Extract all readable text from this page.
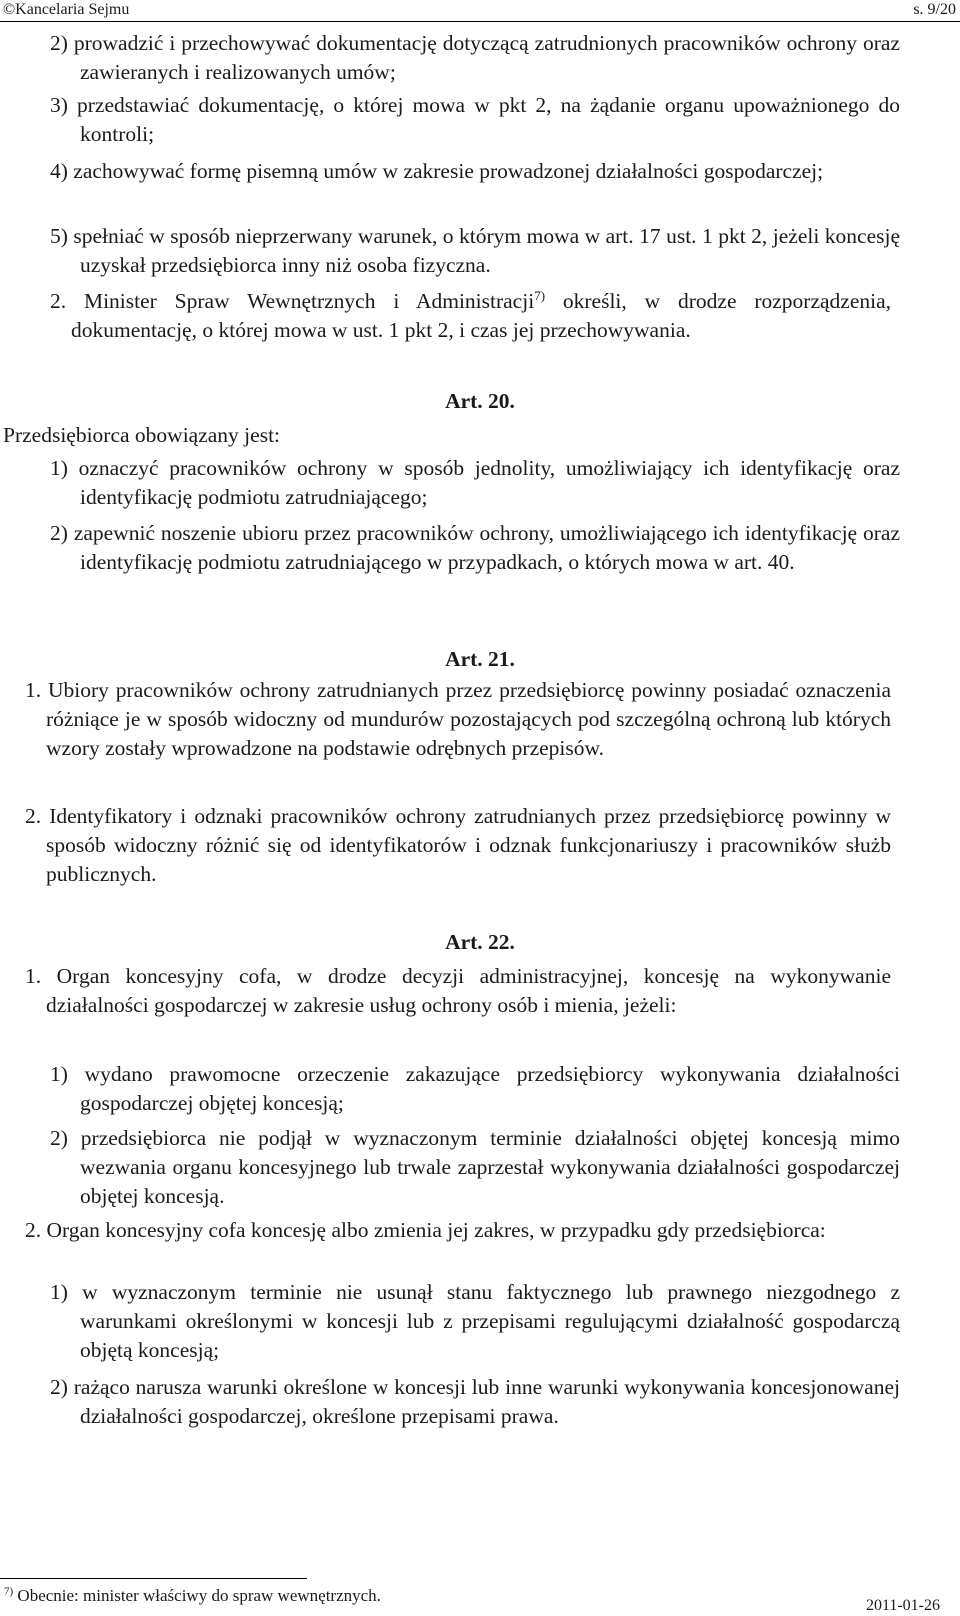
©Kancelaria Sejmu	s. 9/20
2) prowadzić i przechowywać dokumentację dotyczącą zatrudnionych pracowników ochrony oraz zawieranych i realizowanych umów;
3) przedstawiać dokumentację, o której mowa w pkt 2, na żądanie organu upoważnionego do kontroli;
4) zachowywać formę pisemną umów w zakresie prowadzonej działalności gospodarczej;
5) spełniać w sposób nieprzerwany warunek, o którym mowa w art. 17 ust. 1 pkt 2, jeżeli koncesję uzyskał przedsiębiorca inny niż osoba fizyczna.
2. Minister Spraw Wewnętrznych i Administracji$^{7)}$ określi, w drodze rozporządzenia, dokumentację, o której mowa w ust. 1 pkt 2, i czas jej przechowywania.
Art. 20.
Przedsiębiorca obowiązany jest:
1) oznaczyć pracowników ochrony w sposób jednolity, umożliwiający ich identyfikację oraz identyfikację podmiotu zatrudniającego;
2) zapewnić noszenie ubioru przez pracowników ochrony, umożliwiającego ich identyfikację oraz identyfikację podmiotu zatrudniającego w przypadkach, o których mowa w art. 40.
Art. 21.
1. Ubiory pracowników ochrony zatrudnianych przez przedsiębiorcę powinny posiadać oznaczenia różniące je w sposób widoczny od mundurów pozostających pod szczególną ochroną lub których wzory zostały wprowadzone na podstawie odrębnych przepisów.
2. Identyfikatory i odznaki pracowników ochrony zatrudnianych przez przedsiębiorcę powinny w sposób widoczny różnić się od identyfikatorów i odznak funkcjonariuszy i pracowników służb publicznych.
Art. 22.
1. Organ koncesyjny cofa, w drodze decyzji administracyjnej, koncesję na wykonywanie działalności gospodarczej w zakresie usług ochrony osób i mienia, jeżeli:
1) wydano prawomocne orzeczenie zakazujące przedsiębiorcy wykonywania działalności gospodarczej objętej koncesją;
2) przedsiębiorca nie podjął w wyznaczonym terminie działalności objętej koncesją mimo wezwania organu koncesyjnego lub trwale zaprzestał wykonywania działalności gospodarczej objętej koncesją.
2. Organ koncesyjny cofa koncesję albo zmienia jej zakres, w przypadku gdy przedsiębiorca:
1) w wyznaczonym terminie nie usunął stanu faktycznego lub prawnego niezgodnego z warunkami określonymi w koncesji lub z przepisami regulującymi działalność gospodarczą objętą koncesją;
2) rażąco narusza warunki określone w koncesji lub inne warunki wykonywania koncesjonowanej działalności gospodarczej, określone przepisami prawa.
$^{7)}$ Obecnie: minister właściwy do spraw wewnętrznych.
2011-01-26
